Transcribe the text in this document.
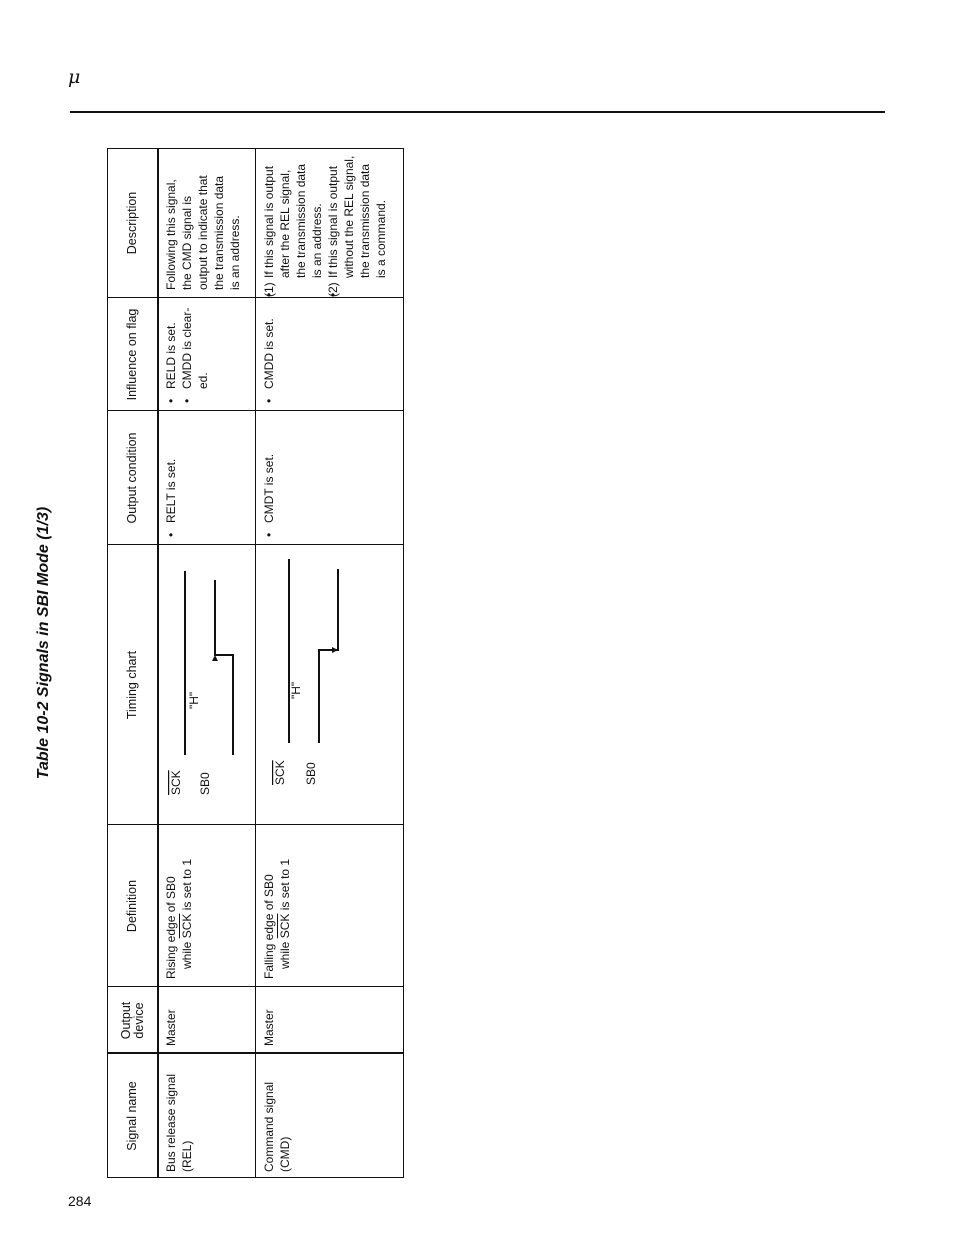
μ
Table 10-2 Signals in SBI Mode (1/3)
Signal name
Output device
Definition
Timing chart
Output condition
Influence on flag
Description
Bus release signal (REL)
Master
Rising edge of SB0 while $\overline{SCK}$ is set to 1
SCK SB0
"H"
• RELT is set.
• RELD is set. • CMDD is clear-
ed.
Following this signal,
the CMD signal is
output to indicate that
the transmission data
is an address.
Command signal (CMD)
Master
Falling edge of SB0 while $\overline{SCK}$ is set to 1
SCK SB0
"H"
• CMDT is set.
• CMDD is set.
• (1)
If this signal is output
after the REL signal,
the transmission data
is an address.
• (2)
If this signal is output
without the REL signal,
the transmission data
is a command.
284
